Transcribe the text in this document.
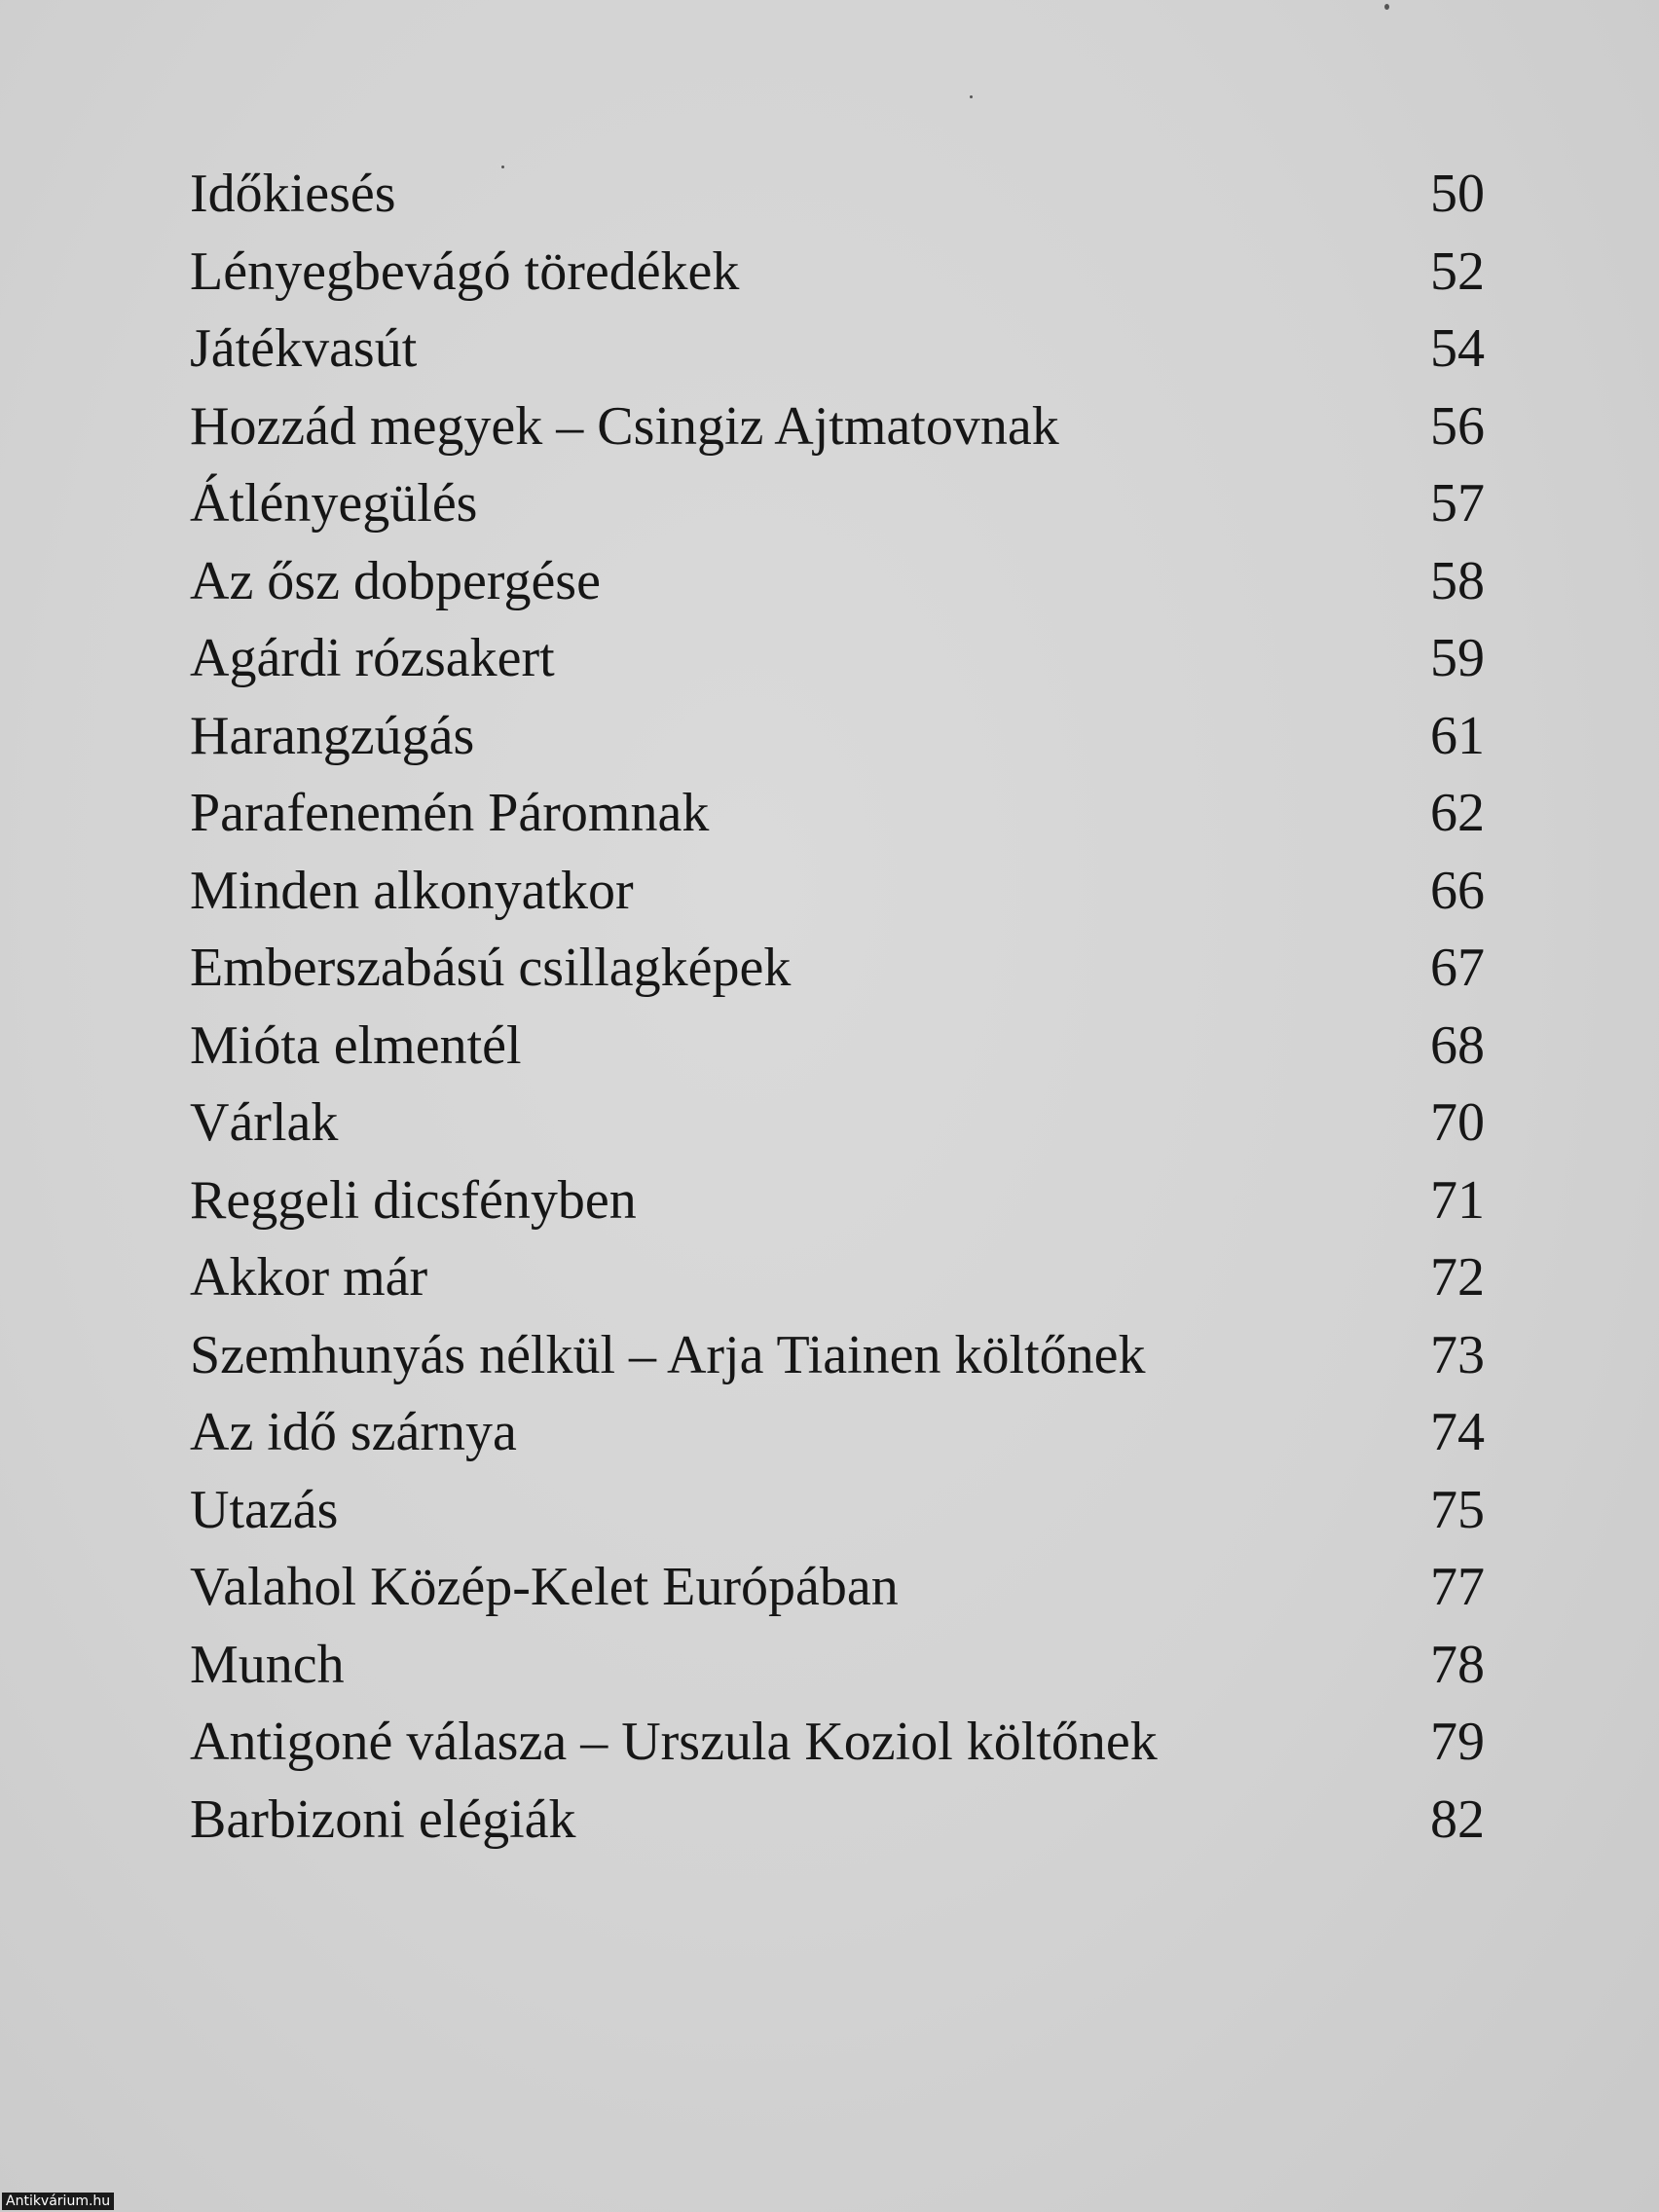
Időkiesés	50
Lényegbevágó töredékek	52
Játékvasút	54
Hozzád megyek – Csingiz Ajtmatovnak	56
Átlényegülés	57
Az ősz dobpergése	58
Agárdi rózsakert	59
Harangzúgás	61
Parafenemén Páromnak	62
Minden alkonyatkor	66
Emberszabású csillagképek	67
Mióta elmentél	68
Várlak	70
Reggeli dicsfényben	71
Akkor már	72
Szemhunyás nélkül – Arja Tiainen költőnek	73
Az idő szárnya	74
Utazás	75
Valahol Közép-Kelet Európában	77
Munch	78
Antigoné válasza – Urszula Koziol költőnek	79
Barbizoni elégiák	82
Antikvárium.hu
